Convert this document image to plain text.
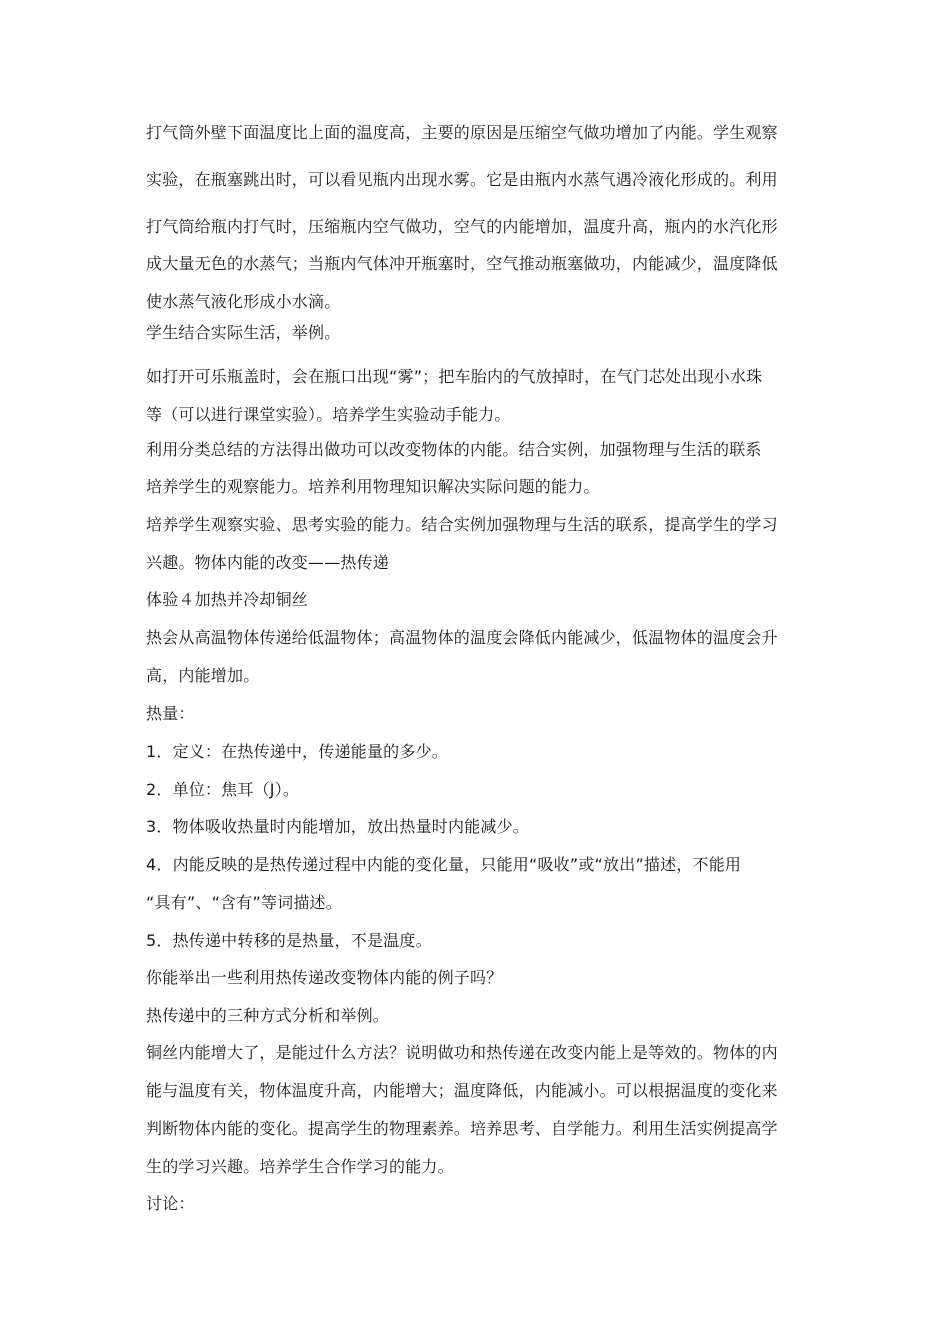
打气筒外壁下面温度比上面的温度高，主要的原因是压缩空气做功增加了内能。学生观察
实验，在瓶塞跳出时，可以看见瓶内出现水雾。它是由瓶内水蒸气遇冷液化形成的。利用
打气筒给瓶内打气时，压缩瓶内空气做功，空气的内能增加，温度升高，瓶内的水汽化形
成大量无色的水蒸气；当瓶内气体冲开瓶塞时，空气推动瓶塞做功，内能减少，温度降低
使水蒸气液化形成小水滴。
学生结合实际生活，举例。
如打开可乐瓶盖时，会在瓶口出现“雾”；把车胎内的气放掉时，在气门芯处出现小水珠
等（可以进行课堂实验）。培养学生实验动手能力。
利用分类总结的方法得出做功可以改变物体的内能。结合实例，加强物理与生活的联系
培养学生的观察能力。培养利用物理知识解决实际问题的能力。
培养学生观察实验、思考实验的能力。结合实例加强物理与生活的联系，提高学生的学习
兴趣。物体内能的改变——热传递
体验４加热并冷却铜丝
热会从高温物体传递给低温物体；高温物体的温度会降低内能减少，低温物体的温度会升
高，内能增加。
热量：
1．定义：在热传递中，传递能量的多少。
2．单位：焦耳（J）。
3．物体吸收热量时内能增加，放出热量时内能减少。
4．内能反映的是热传递过程中内能的变化量，只能用“吸收”或“放出”描述，不能用
“具有”、“含有”等词描述。
5．热传递中转移的是热量，不是温度。
你能举出一些利用热传递改变物体内能的例子吗？
热传递中的三种方式分析和举例。
铜丝内能增大了，是能过什么方法？说明做功和热传递在改变内能上是等效的。物体的内
能与温度有关，物体温度升高，内能增大；温度降低，内能减小。可以根据温度的变化来
判断物体内能的变化。提高学生的物理素养。培养思考、自学能力。利用生活实例提高学
生的学习兴趣。培养学生合作学习的能力。
讨论：
